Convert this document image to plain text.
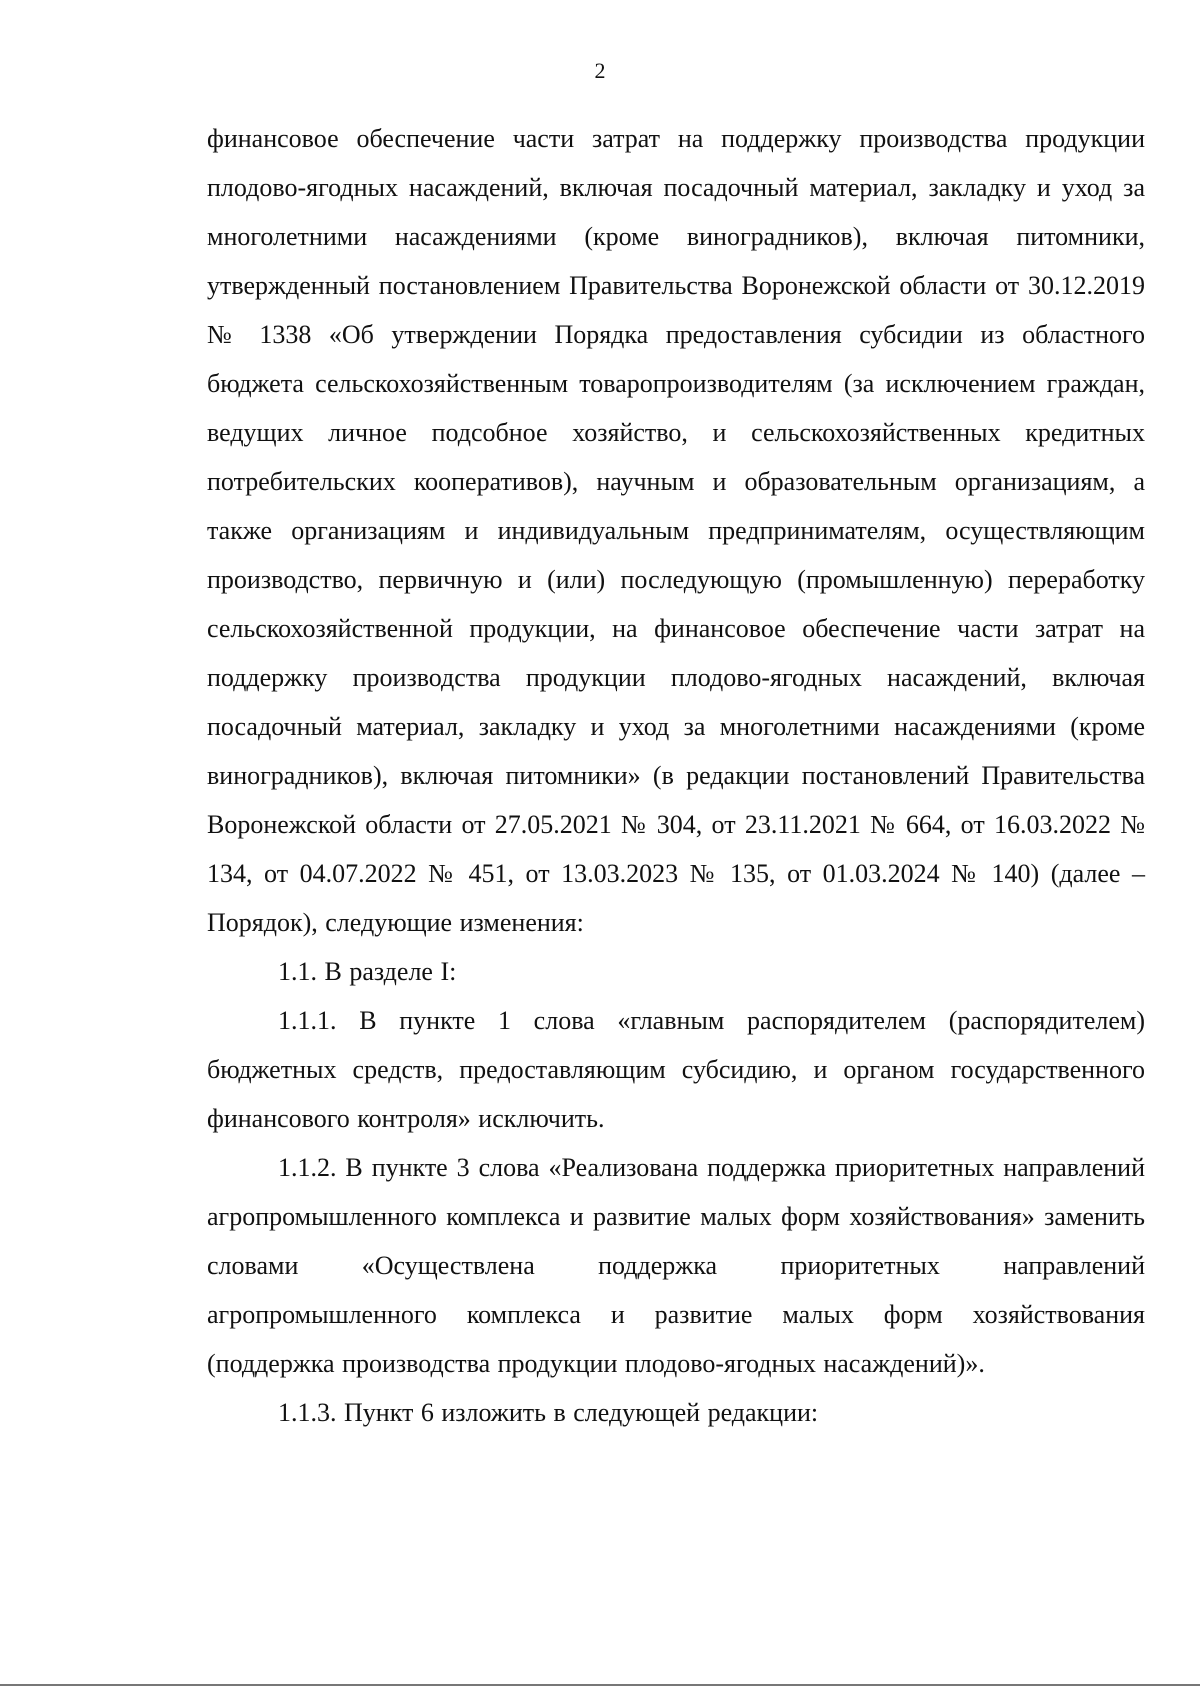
2

финансовое обеспечение части затрат на поддержку производства продукции плодово-ягодных насаждений, включая посадочный материал, закладку и уход за многолетними насаждениями (кроме виноградников), включая питомники, утвержденный постановлением Правительства Воронежской области от 30.12.2019 № 1338 «Об утверждении Порядка предоставления субсидии из областного бюджета сельскохозяйственным товаропроизводителям (за исключением граждан, ведущих личное подсобное хозяйство, и сельскохозяйственных кредитных потребительских кооперативов), научным и образовательным организациям, а также организациям и индивидуальным предпринимателям, осуществляющим производство, первичную и (или) последующую (промышленную) переработку сельскохозяйственной продукции, на финансовое обеспечение части затрат на поддержку производства продукции плодово-ягодных насаждений, включая посадочный материал, закладку и уход за многолетними насаждениями (кроме виноградников), включая питомники» (в редакции постановлений Правительства Воронежской области от 27.05.2021 № 304, от 23.11.2021 № 664, от 16.03.2022 № 134, от 04.07.2022 № 451, от 13.03.2023 № 135, от 01.03.2024 № 140) (далее – Порядок), следующие изменения:

1.1. В разделе I:

1.1.1. В пункте 1 слова «главным распорядителем (распорядителем) бюджетных средств, предоставляющим субсидию, и органом государственного финансового контроля» исключить.

1.1.2. В пункте 3 слова «Реализована поддержка приоритетных направлений агропромышленного комплекса и развитие малых форм хозяйствования» заменить словами «Осуществлена поддержка приоритетных направлений агропромышленного комплекса и развитие малых форм хозяйствования (поддержка производства продукции плодово-ягодных насаждений)».

1.1.3. Пункт 6 изложить в следующей редакции:
